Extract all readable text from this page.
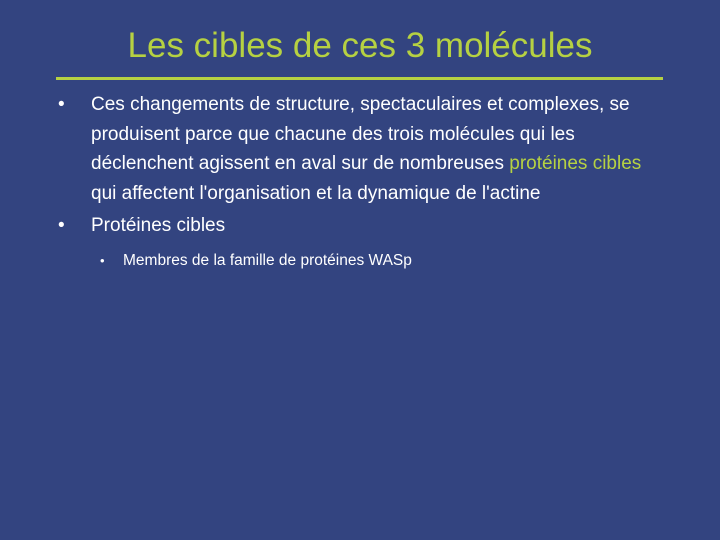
Les cibles de ces 3 molécules

• Ces changements de structure, spectaculaires et complexes, se produisent parce que chacune des trois molécules qui les déclenchent agissent en aval sur de nombreuses protéines cibles qui affectent l'organisation et la dynamique de l'actine

• Protéines cibles

• Membres de la famille de protéines WASp
